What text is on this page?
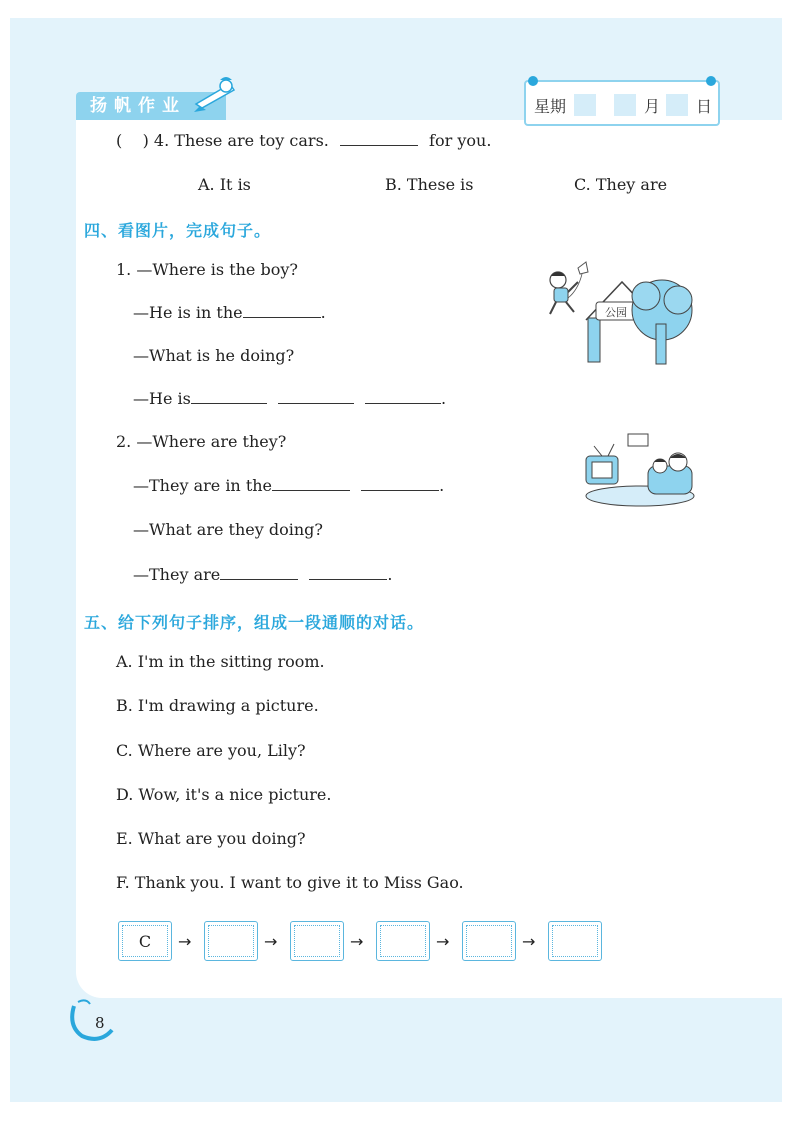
扬帆作业	星期	月 日
(    ) 4. These are toy cars.	for you.
A. It is	B. These is	C. They are
四、看图片，完成句子。
1. —Where is the boy?
—He is in the	.
—What is he doing?
—He is	.
公园
2. —Where are they?
—They are in the	.
—What are they doing?
—They are	.
五、给下列句子排序，组成一段通顺的对话。
A. I'm in the sitting room.
B. I'm drawing a picture.
C. Where are you, Lily?
D. Wow, it's a nice picture.
E. What are you doing?
F. Thank you. I want to give it to Miss Gao.
C	→	→	→	→	→
8
